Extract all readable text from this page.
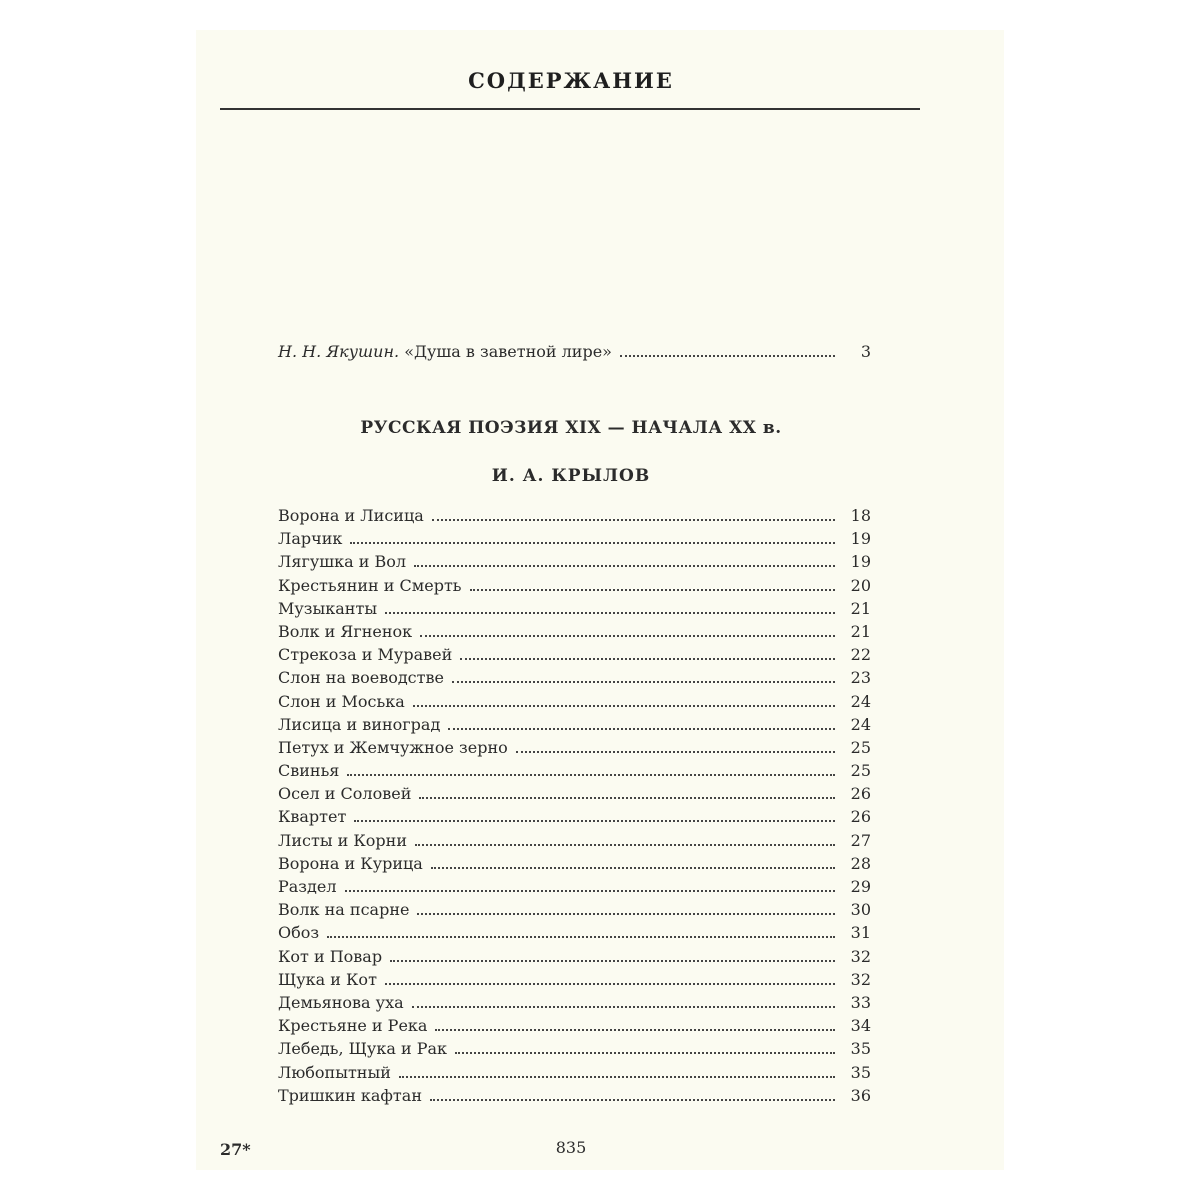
СОДЕРЖАНИЕ
Н. Н. Якушин.
«Душа в заветной лире»	3
РУССКАЯ ПОЭЗИЯ XIX — НАЧАЛА XX в.
И. А. КРЫЛОВ
Ворона и Лисица	18
Ларчик	19
Лягушка и Вол	19
Крестьянин и Смерть	20
Музыканты	21
Волк и Ягненок	21
Стрекоза и Муравей	22
Слон на воеводстве	23
Слон и Моська	24
Лисица и виноград	24
Петух и Жемчужное зерно	25
Свинья	25
Осел и Соловей	26
Квартет	26
Листы и Корни	27
Ворона и Курица	28
Раздел	29
Волк на псарне	30
Обоз	31
Кот и Повар	32
Щука и Кот	32
Демьянова уха	33
Крестьяне и Река	34
Лебедь, Щука и Рак	35
Любопытный	35
Тришкин кафтан	36
27*	835
